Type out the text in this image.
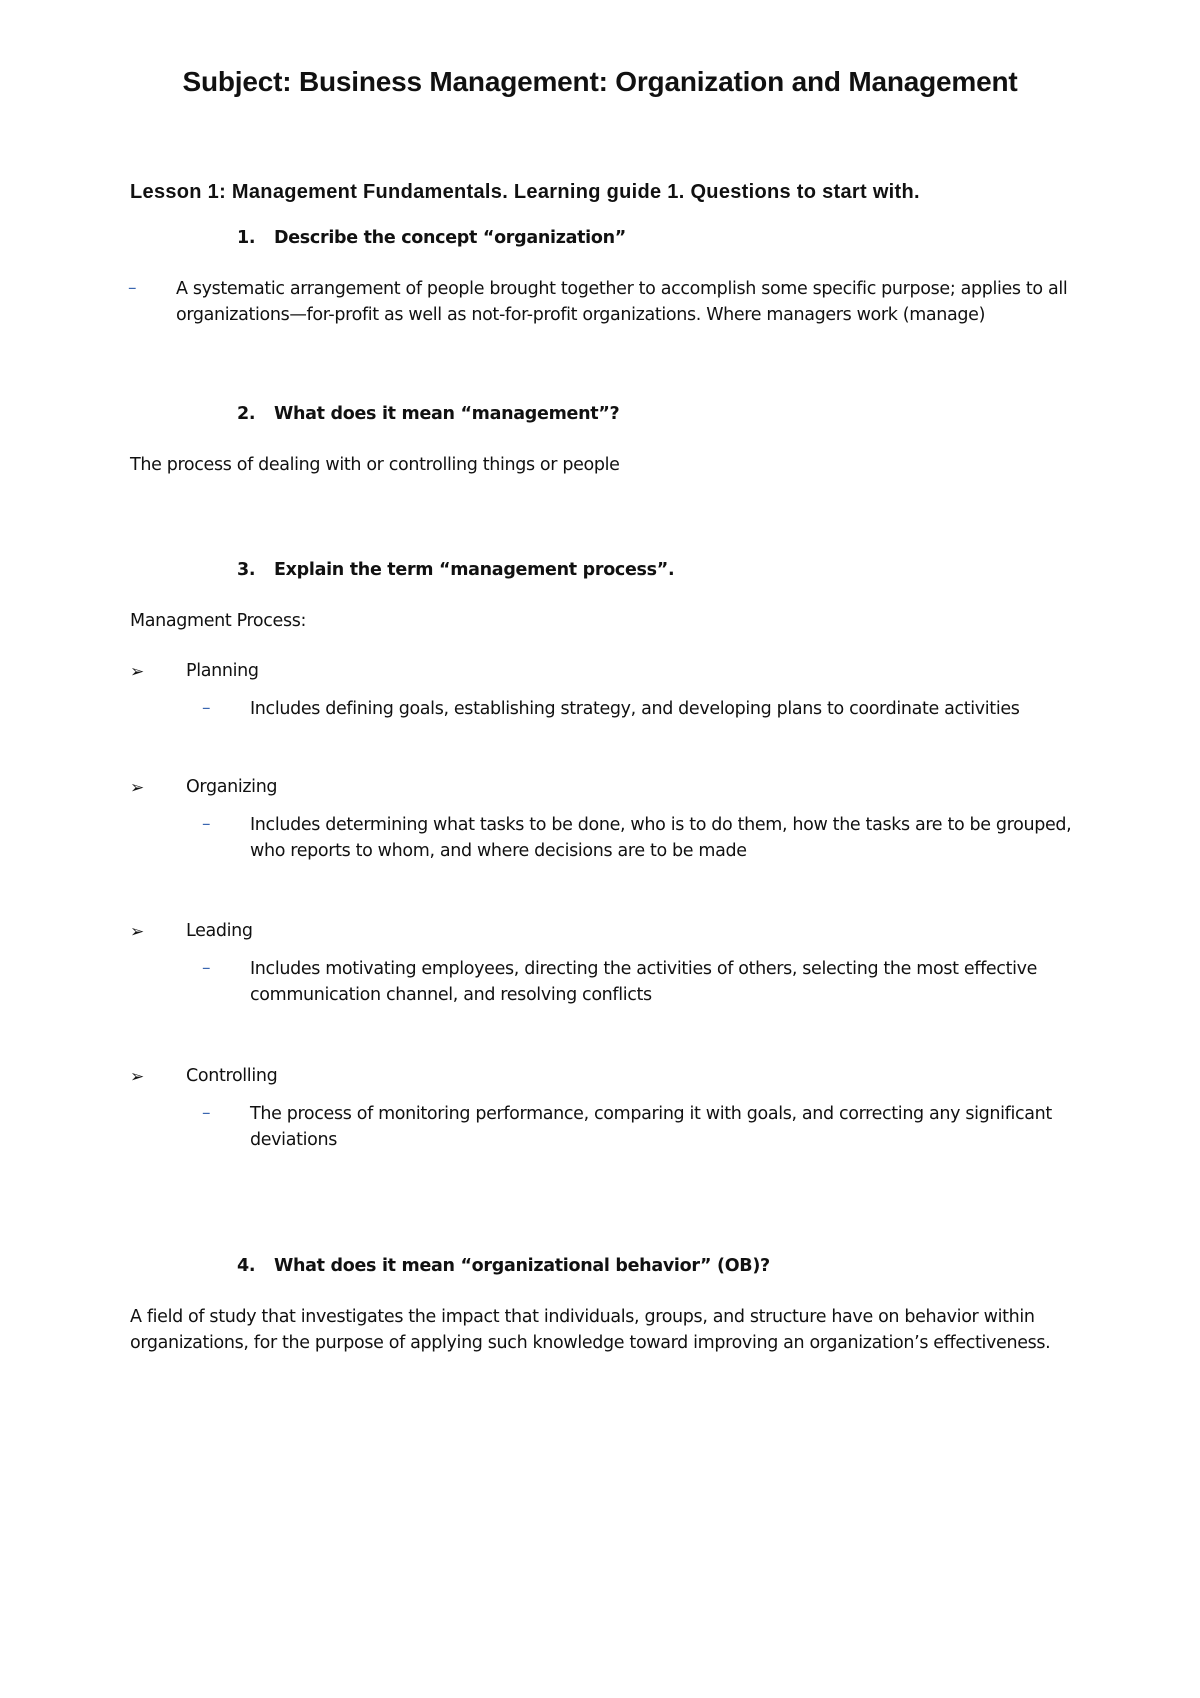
Subject: Business Management: Organization and Management
Lesson 1: Management Fundamentals. Learning guide 1. Questions to start with.
1. Describe the concept “organization”
– A systematic arrangement of people brought together to accomplish some specific purpose; applies to all
organizations—for-profit as well as not-for-profit organizations. Where managers work (manage)
2. What does it mean “management”?
The process of dealing with or controlling things or people
3. Explain the term “management process”.
Managment Process:
➢ Planning
– Includes defining goals, establishing strategy, and developing plans to coordinate activities
➢ Organizing
– Includes determining what tasks to be done, who is to do them, how the tasks are to be grouped,
who reports to whom, and where decisions are to be made
➢ Leading
– Includes motivating employees, directing the activities of others, selecting the most effective
communication channel, and resolving conflicts
➢ Controlling
– The process of monitoring performance, comparing it with goals, and correcting any significant
deviations
4. What does it mean “organizational behavior” (OB)?
A field of study that investigates the impact that individuals, groups, and structure have on behavior within
organizations, for the purpose of applying such knowledge toward improving an organization’s effectiveness.
